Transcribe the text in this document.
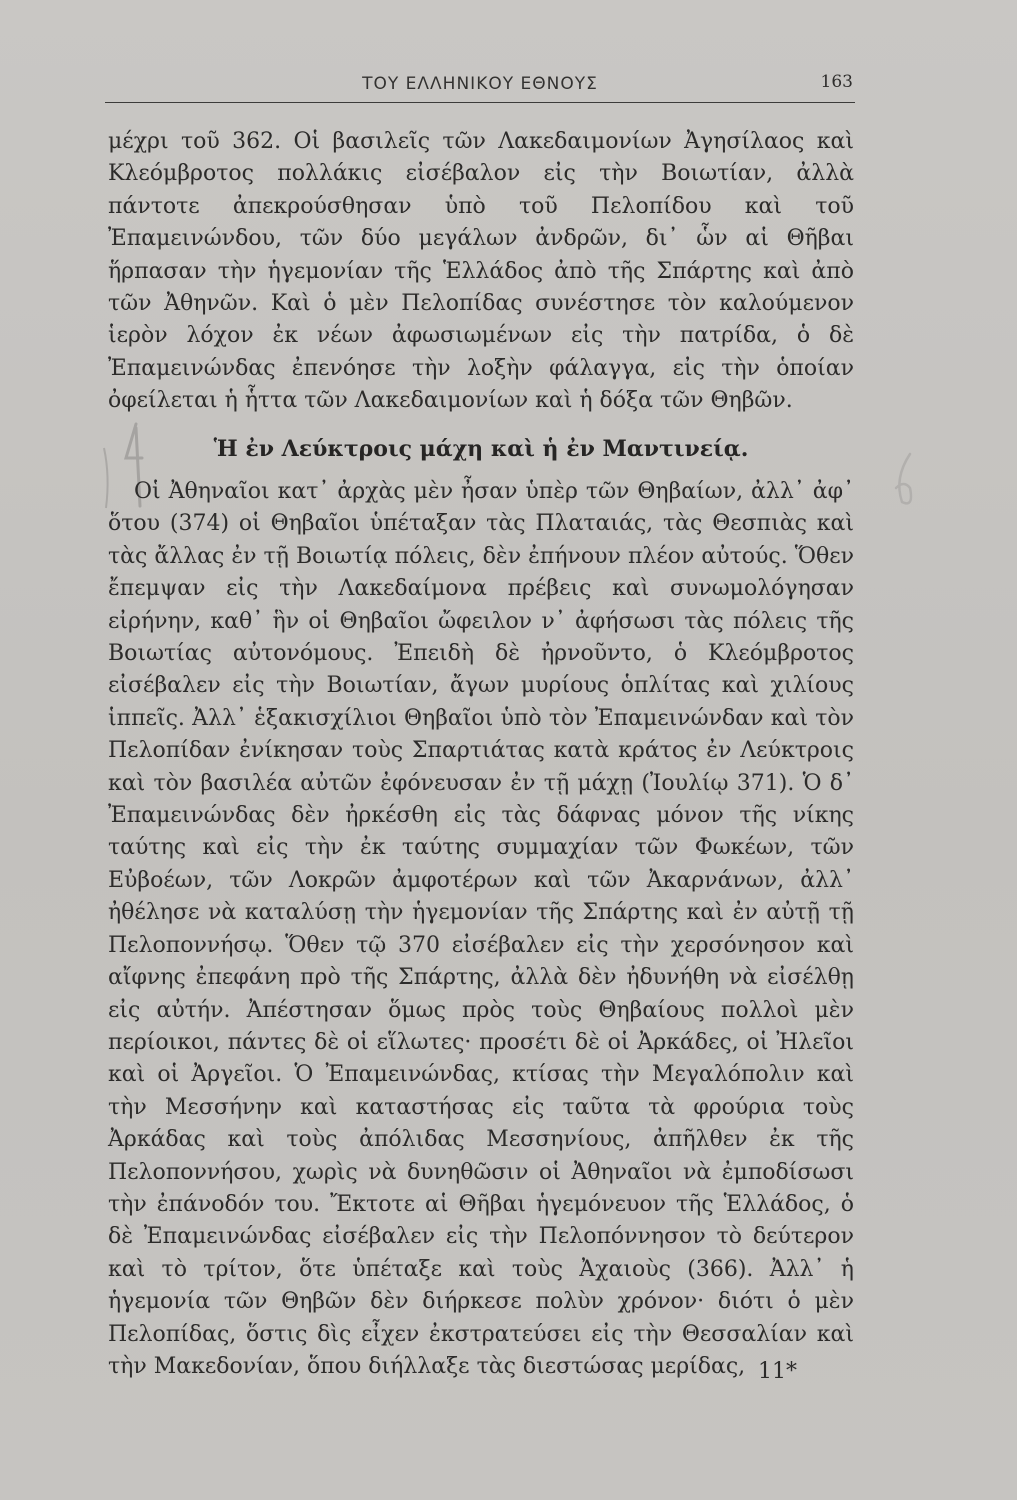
ΤΟΥ ΕΛΛΗΝΙΚΟΥ ΕΘΝΟΥΣ	163

μέχρι τοῦ 362. Οἱ βασιλεῖς τῶν Λακεδαιμονίων Ἀγησίλαος καὶ Κλεόμβροτος πολλάκις εἰσέβαλον εἰς τὴν Βοιωτίαν, ἀλλὰ πάντοτε ἀπεκρούσθησαν ὑπὸ τοῦ Πελοπίδου καὶ τοῦ Ἐπαμεινώνδου, τῶν δύο μεγάλων ἀνδρῶν, δι᾽ ὧν αἱ Θῆβαι ἥρπασαν τὴν ἡγεμονίαν τῆς Ἑλλάδος ἀπὸ τῆς Σπάρτης καὶ ἀπὸ τῶν Ἀθηνῶν. Καὶ ὁ μὲν Πελοπίδας συνέστησε τὸν καλούμενον ἱερὸν λόχον ἐκ νέων ἀφωσιωμένων εἰς τὴν πατρίδα, ὁ δὲ Ἐπαμεινώνδας ἐπενόησε τὴν λοξὴν φάλαγγα, εἰς τὴν ὁποίαν ὀφείλεται ἡ ἧττα τῶν Λακεδαιμονίων καὶ ἡ δόξα τῶν Θηβῶν.

Ἡ ἐν Λεύκτροις μάχη καὶ ἡ ἐν Μαντινείᾳ.

Οἱ Ἀθηναῖοι κατ᾽ ἀρχὰς μὲν ἦσαν ὑπὲρ τῶν Θηβαίων, ἀλλ᾽ ἀφ᾽ ὅτου (374) οἱ Θηβαῖοι ὑπέταξαν τὰς Πλαταιάς, τὰς Θεσπιὰς καὶ τὰς ἄλλας ἐν τῇ Βοιωτίᾳ πόλεις, δὲν ἐπήνουν πλέον αὐτούς. Ὅθεν ἔπεμψαν εἰς τὴν Λακεδαίμονα πρέβεις καὶ συνωμολόγησαν εἰρήνην, καθ᾽ ἣν οἱ Θηβαῖοι ὤφειλον ν᾽ ἀφήσωσι τὰς πόλεις τῆς Βοιωτίας αὐτονόμους. Ἐπειδὴ δὲ ἠρνοῦντο, ὁ Κλεόμβροτος εἰσέβαλεν εἰς τὴν Βοιωτίαν, ἄγων μυρίους ὁπλίτας καὶ χιλίους ἱππεῖς. Ἀλλ᾽ ἑξακισχίλιοι Θηβαῖοι ὑπὸ τὸν Ἐπαμεινώνδαν καὶ τὸν Πελοπίδαν ἐνίκησαν τοὺς Σπαρτιάτας κατὰ κράτος ἐν Λεύκτροις καὶ τὸν βασιλέα αὐτῶν ἐφόνευσαν ἐν τῇ μάχῃ (Ἰουλίῳ 371). Ὁ δ᾽ Ἐπαμεινώνδας δὲν ἠρκέσθη εἰς τὰς δάφνας μόνον τῆς νίκης ταύτης καὶ εἰς τὴν ἐκ ταύτης συμμαχίαν τῶν Φωκέων, τῶν Εὐβοέων, τῶν Λοκρῶν ἀμφοτέρων καὶ τῶν Ἀκαρνάνων, ἀλλ᾽ ἠθέλησε νὰ καταλύσῃ τὴν ἡγεμονίαν τῆς Σπάρτης καὶ ἐν αὐτῇ τῇ Πελοποννήσῳ. Ὅθεν τῷ 370 εἰσέβαλεν εἰς τὴν χερσόνησον καὶ αἴφνης ἐπεφάνη πρὸ τῆς Σπάρτης, ἀλλὰ δὲν ἠδυνήθη νὰ εἰσέλθῃ εἰς αὐτήν. Ἀπέστησαν ὅμως πρὸς τοὺς Θηβαίους πολλοὶ μὲν περίοικοι, πάντες δὲ οἱ εἵλωτες· προσέτι δὲ οἱ Ἀρκάδες, οἱ Ἠλεῖοι καὶ οἱ Ἀργεῖοι. Ὁ Ἐπαμεινώνδας, κτίσας τὴν Μεγαλόπολιν καὶ τὴν Μεσσήνην καὶ καταστήσας εἰς ταῦτα τὰ φρούρια τοὺς Ἀρκάδας καὶ τοὺς ἀπόλιδας Μεσσηνίους, ἀπῆλθεν ἐκ τῆς Πελοποννήσου, χωρὶς νὰ δυνηθῶσιν οἱ Ἀθηναῖοι νὰ ἐμποδίσωσι τὴν ἐπάνοδόν του. Ἔκτοτε αἱ Θῆβαι ἡγεμόνευον τῆς Ἑλλάδος, ὁ δὲ Ἐπαμεινώνδας εἰσέβαλεν εἰς τὴν Πελοπόννησον τὸ δεύτερον καὶ τὸ τρίτον, ὅτε ὑπέταξε καὶ τοὺς Ἀχαιοὺς (366). Ἀλλ᾽ ἡ ἡγεμονία τῶν Θηβῶν δὲν διήρκεσε πολὺν χρόνον· διότι ὁ μὲν Πελοπίδας, ὅστις δὶς εἶχεν ἐκστρατεύσει εἰς τὴν Θεσσαλίαν καὶ τὴν Μακεδονίαν, ὅπου διήλλαξε τὰς διεστώσας μερίδας, 11*
